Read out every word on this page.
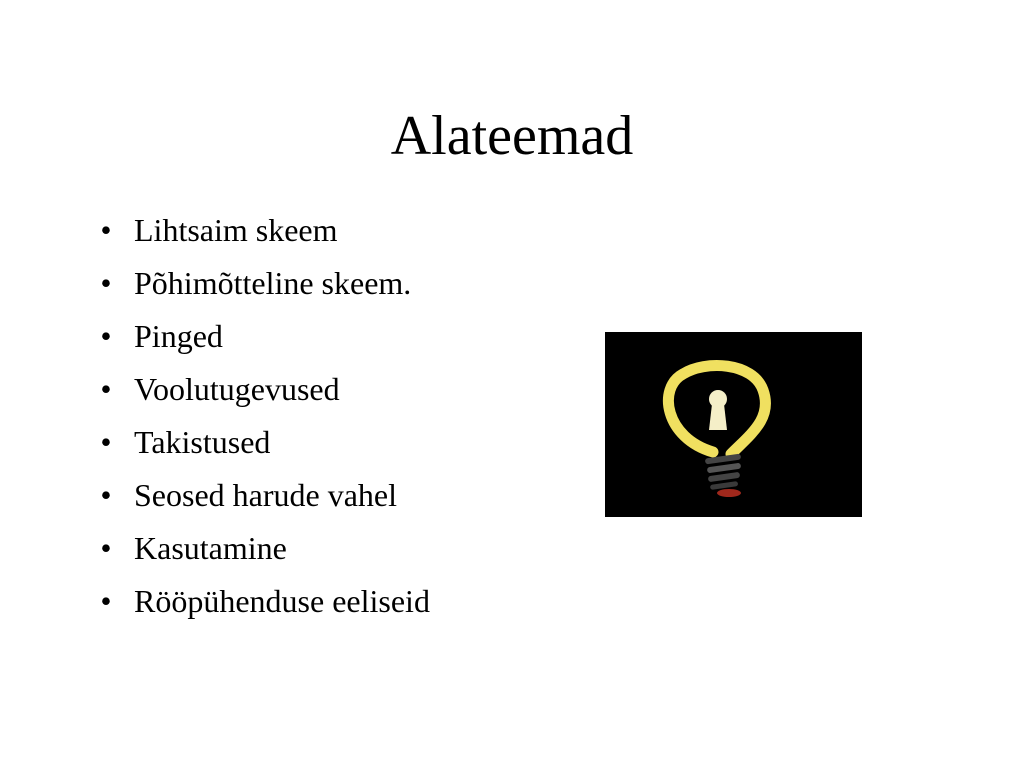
Alateemad
• Lihtsaim skeem
• Põhimõtteline skeem.
• Pinged
• Voolutugevused
• Takistused
• Seosed harude vahel
• Kasutamine
• Rööpühenduse eeliseid
